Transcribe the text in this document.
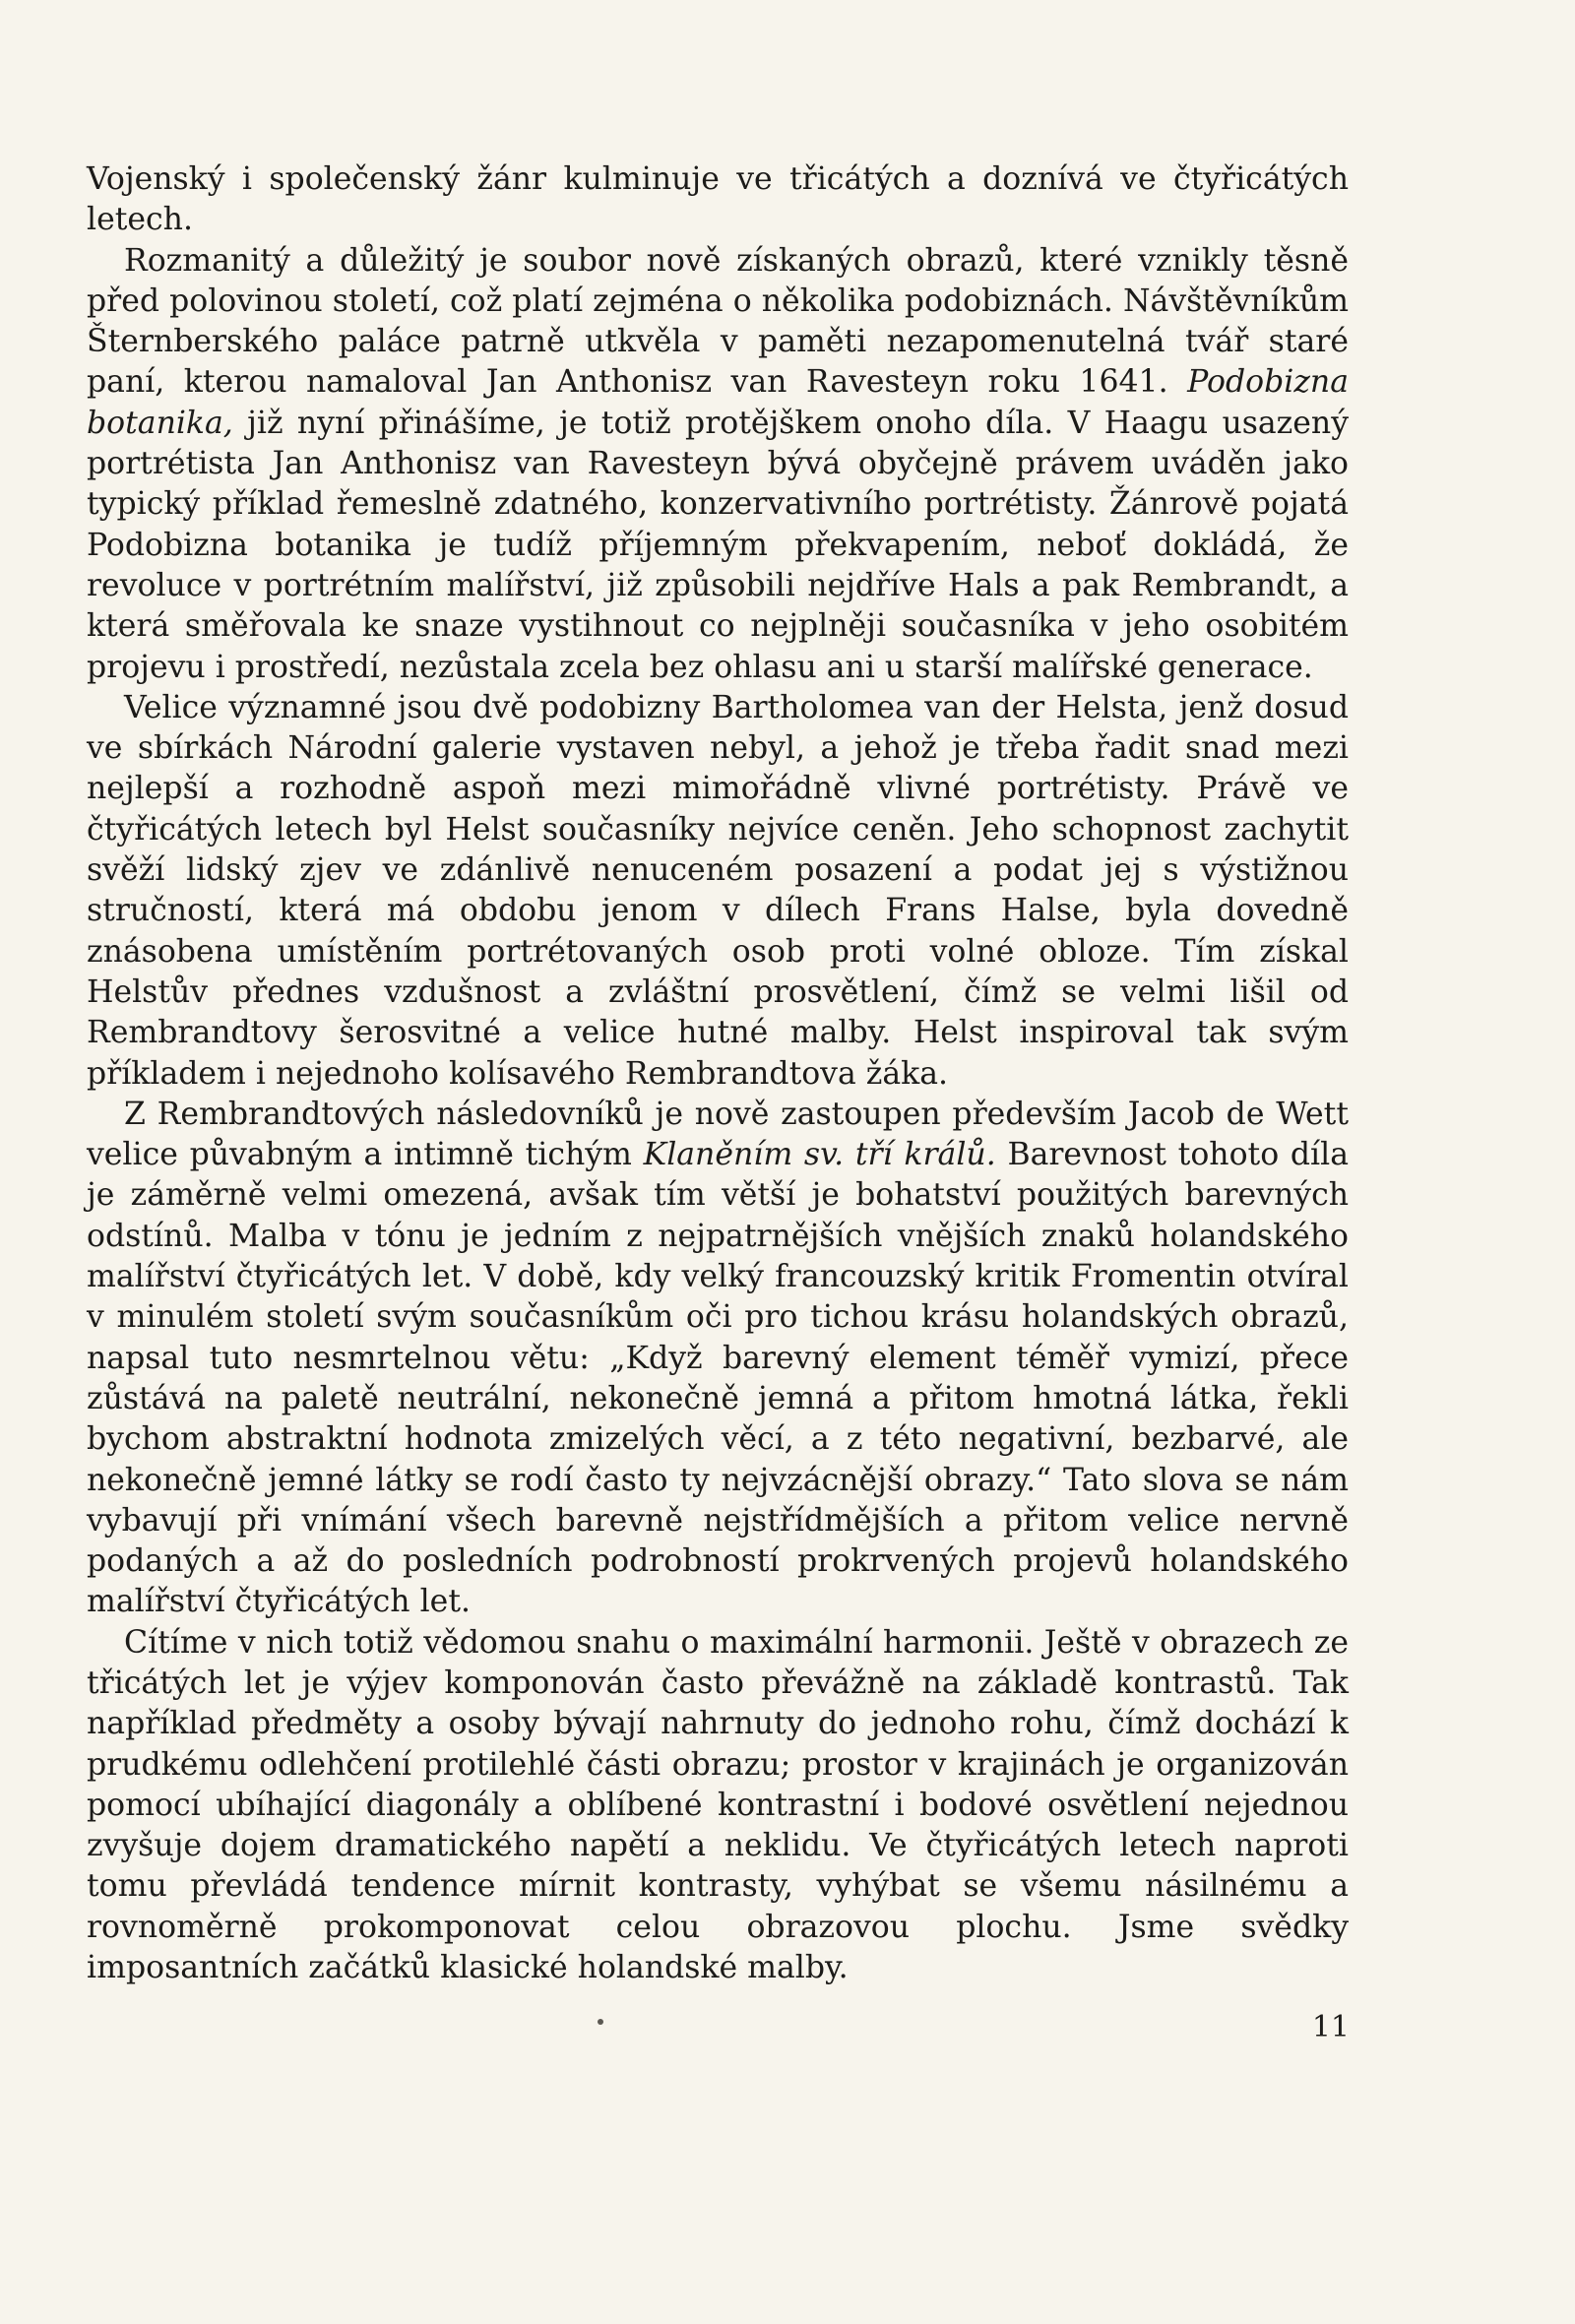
Vojenský i společenský žánr kulminuje ve třicátých a doznívá ve čtyřicátých letech.

Rozmanitý a důležitý je soubor nově získaných obrazů, které vznikly těsně před polovinou století, což platí zejména o několika podobiznách. Návštěvníkům Šternberského paláce patrně utkvěla v paměti nezapomenutelná tvář staré paní, kterou namaloval Jan Anthonisz van Ravesteyn roku 1641. Podobizna botanika, již nyní přinášíme, je totiž protějškem onoho díla. V Haagu usazený portrétista Jan Anthonisz van Ravesteyn bývá obyčejně právem uváděn jako typický příklad řemeslně zdatného, konzervativního portrétisty. Žánrově pojatá Podobizna botanika je tudíž příjemným překvapením, neboť dokládá, že revoluce v portrétním malířství, již způsobili nejdříve Hals a pak Rembrandt, a která směřovala ke snaze vystihnout co nejplněji současníka v jeho osobitém projevu i prostředí, nezůstala zcela bez ohlasu ani u starší malířské generace.

Velice významné jsou dvě podobizny Bartholomea van der Helsta, jenž dosud ve sbírkách Národní galerie vystaven nebyl, a jehož je třeba řadit snad mezi nejlepší a rozhodně aspoň mezi mimořádně vlivné portrétisty. Právě ve čtyřicátých letech byl Helst současníky nejvíce ceněn. Jeho schopnost zachytit svěží lidský zjev ve zdánlivě nenuceném posazení a podat jej s výstižnou stručností, která má obdobu jenom v dílech Frans Halse, byla dovedně znásobena umístěním portrétovaných osob proti volné obloze. Tím získal Helstův přednes vzdušnost a zvláštní prosvětlení, čímž se velmi lišil od Rembrandtovy šerosvitné a velice hutné malby. Helst inspiroval tak svým příkladem i nejednoho kolísavého Rembrandtova žáka.

Z Rembrandtových následovníků je nově zastoupen především Jacob de Wett velice půvabným a intimně tichým Klaněním sv. tří králů. Barevnost tohoto díla je záměrně velmi omezená, avšak tím větší je bohatství použitých barevných odstínů. Malba v tónu je jedním z nejpatrnějších vnějších znaků holandského malířství čtyřicátých let. V době, kdy velký francouzský kritik Fromentin otvíral v minulém století svým současníkům oči pro tichou krásu holandských obrazů, napsal tuto nesmrtelnou větu: „Když barevný element téměř vymizí, přece zůstává na paletě neutrální, nekonečně jemná a přitom hmotná látka, řekli bychom abstraktní hodnota zmizelých věcí, a z této negativní, bezbarvé, ale nekonečně jemné látky se rodí často ty nejvzácnější obrazy.“ Tato slova se nám vybavují při vnímání všech barevně nejstřídmějších a přitom velice nervně podaných a až do posledních podrobností prokrvených projevů holandského malířství čtyřicátých let.

Cítíme v nich totiž vědomou snahu o maximální harmonii. Ještě v obrazech ze třicátých let je výjev komponován často převážně na základě kontrastů. Tak například předměty a osoby bývají nahrnuty do jednoho rohu, čímž dochází k prudkému odlehčení protilehlé části obrazu; prostor v krajinách je organizován pomocí ubíhající diagonály a oblíbené kontrastní i bodové osvětlení nejednou zvyšuje dojem dramatického napětí a neklidu. Ve čtyřicátých letech naproti tomu převládá tendence mírnit kontrasty, vyhýbat se všemu násilnému a rovnoměrně prokomponovat celou obrazovou plochu. Jsme svědky imposantních začátků klasické holandské malby.

11
